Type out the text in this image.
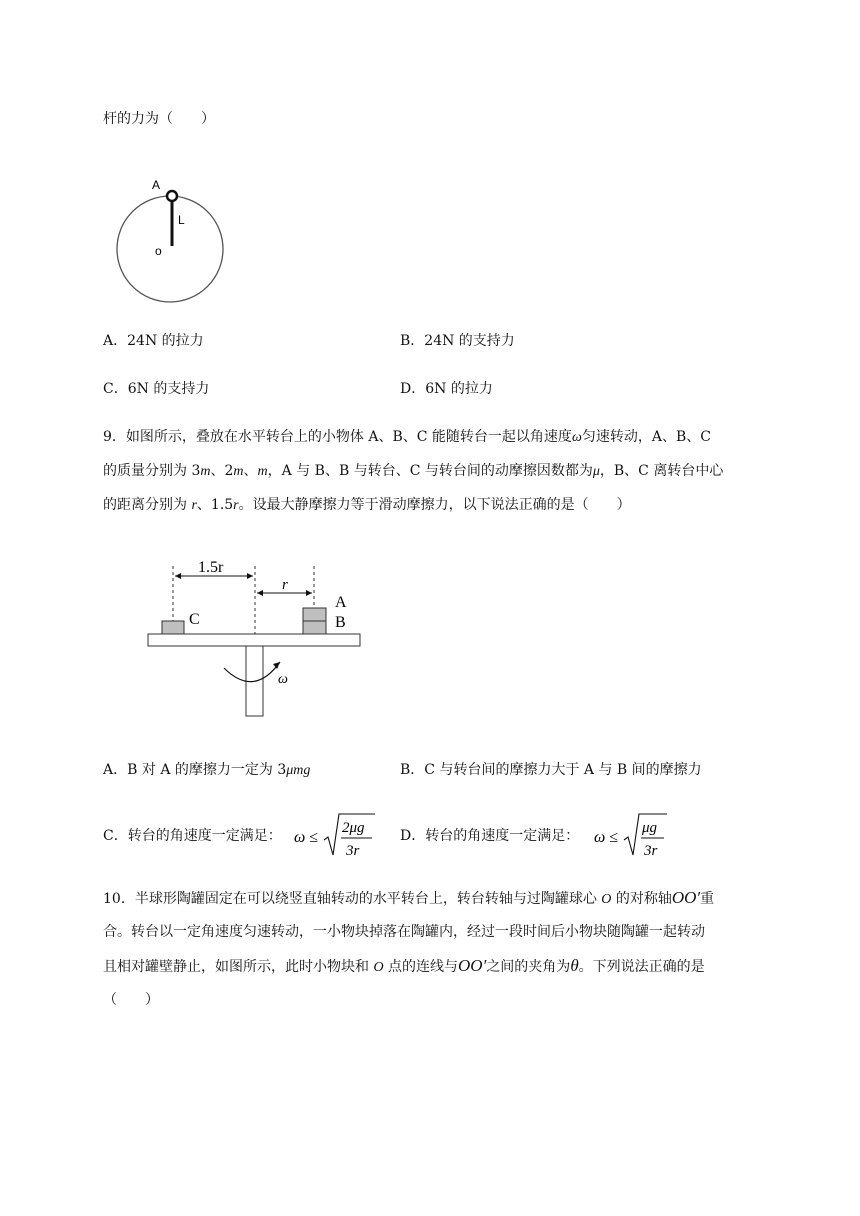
杆的力为（　　）
A
L
o
A．24N 的拉力	B．24N 的支持力
C．6N 的支持力	D．6N 的拉力
9．如图所示，叠放在水平转台上的小物体 A、B、C 能随转台一起以角速度ω匀速转动，A、B、C
的质量分别为 3m、2m、m，A 与 B、B 与转台、C 与转台间的动摩擦因数都为μ，B、C 离转台中心
的距离分别为 r、1.5r。设最大静摩擦力等于滑动摩擦力，以下说法正确的是（　　）
1.5r
r
C
A
B
ω
A．B 对 A 的摩擦力一定为 3μmg	B．C 与转台间的摩擦力大于 A 与 B 间的摩擦力
C．转台的角速度一定满足： ω ≤
2μg
3r
D．转台的角速度一定满足： ω ≤
μg
3r
10．半球形陶罐固定在可以绕竖直轴转动的水平转台上，转台转轴与过陶罐球心 O 的对称轴OO′重
合。转台以一定角速度匀速转动，一小物块掉落在陶罐内，经过一段时间后小物块随陶罐一起转动
且相对罐壁静止，如图所示，此时小物块和 O 点的连线与OO′之间的夹角为θ。下列说法正确的是
（　　）
